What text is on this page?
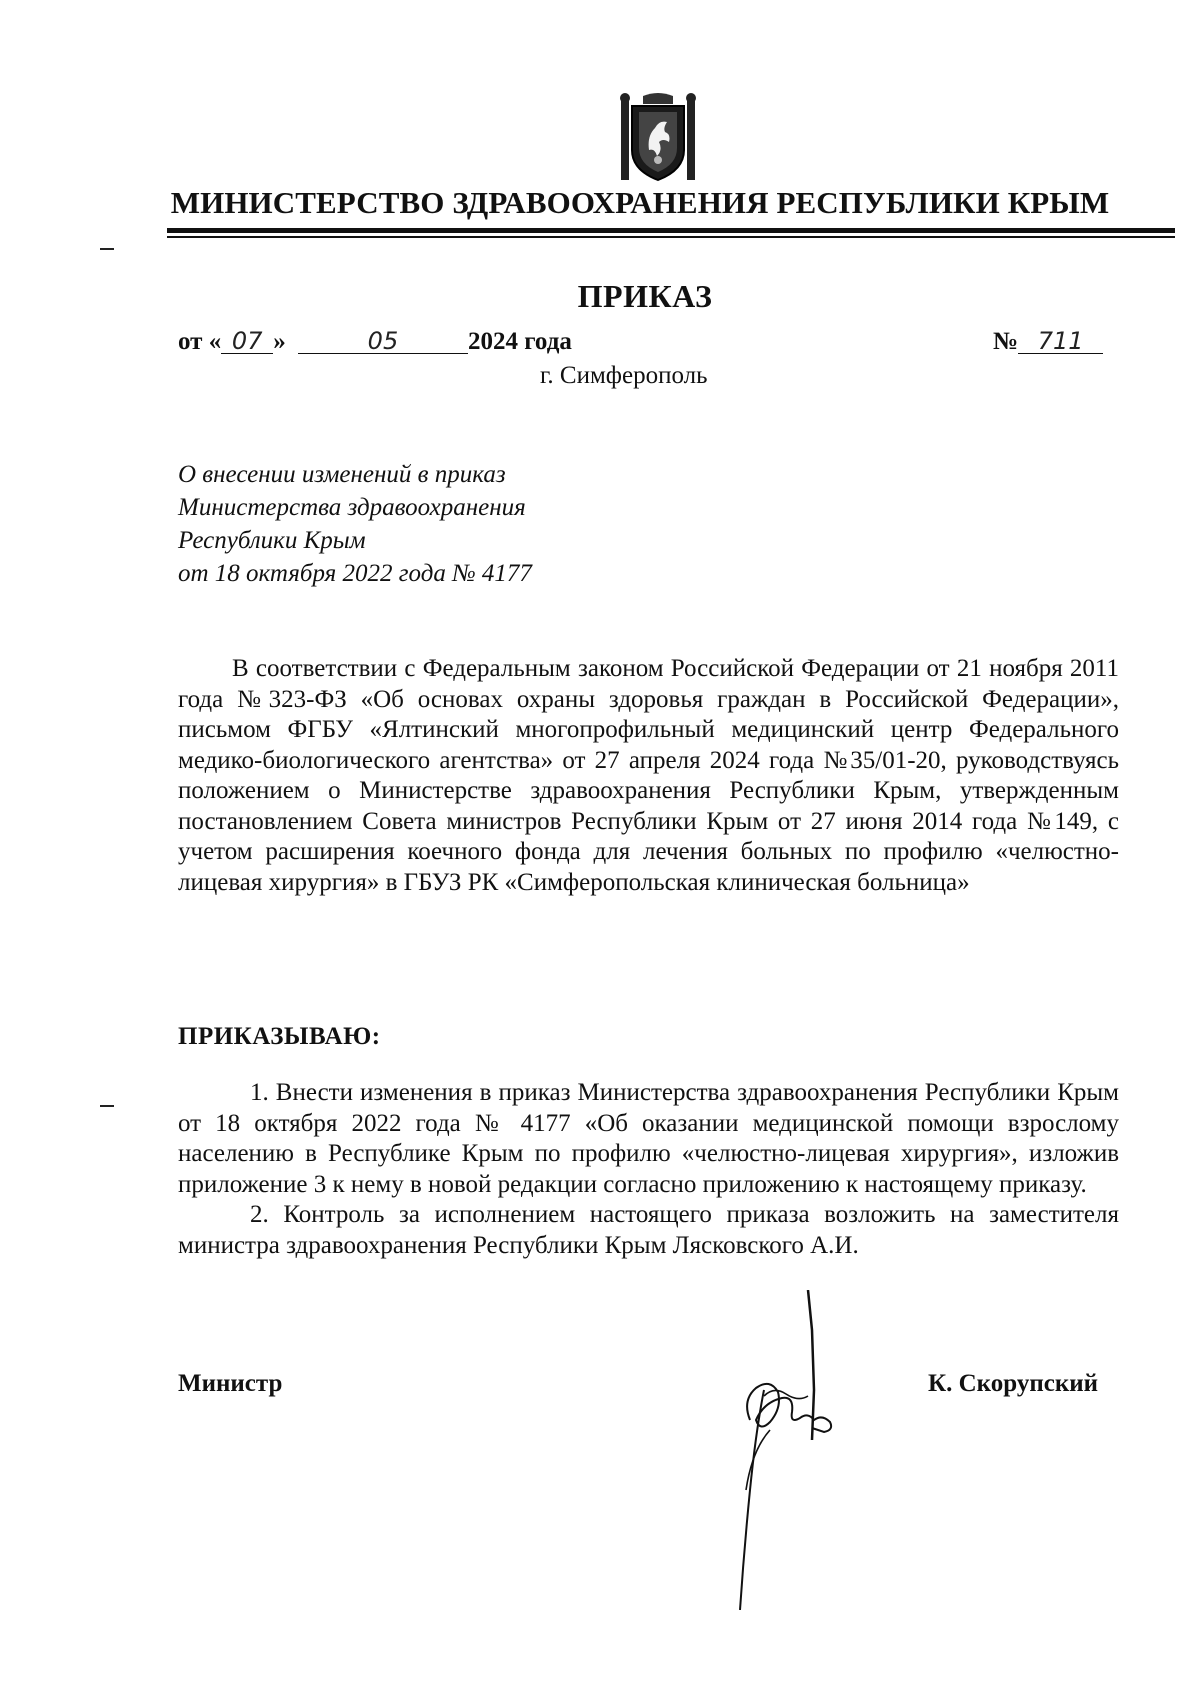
МИНИСТЕРСТВО ЗДРАВООХРАНЕНИЯ РЕСПУБЛИКИ КРЫМ
ПРИКАЗ
от « 07 »	05	2024 года	№ 711
г. Симферополь
О внесении изменений в приказ
Министерства здравоохранения
Республики Крым
от 18 октября 2022 года № 4177

В соответствии с Федеральным законом Российской Федерации от 21 ноября 2011 года №323-ФЗ «Об основах охраны здоровья граждан в Российской Федерации», письмом ФГБУ «Ялтинский многопрофильный медицинский центр Федерального медико-биологического агентства» от 27 апреля 2024 года №35/01-20, руководствуясь положением о Министерстве здравоохранения Республики Крым, утвержденным постановлением Совета министров Республики Крым от 27 июня 2014 года №149, с учетом расширения коечного фонда для лечения больных по профилю «челюстно-лицевая хирургия» в ГБУЗ РК «Симферопольская клиническая больница»

ПРИКАЗЫВАЮ:

1. Внести изменения в приказ Министерства здравоохранения Республики Крым от 18 октября 2022 года № 4177 «Об оказании медицинской помощи взрослому населению в Республике Крым по профилю «челюстно-лицевая хирургия», изложив приложение 3 к нему в новой редакции согласно приложению к настоящему приказу.

2. Контроль за исполнением настоящего приказа возложить на заместителя министра здравоохранения Республики Крым Лясковского А.И.

Министр	К. Скорупский
